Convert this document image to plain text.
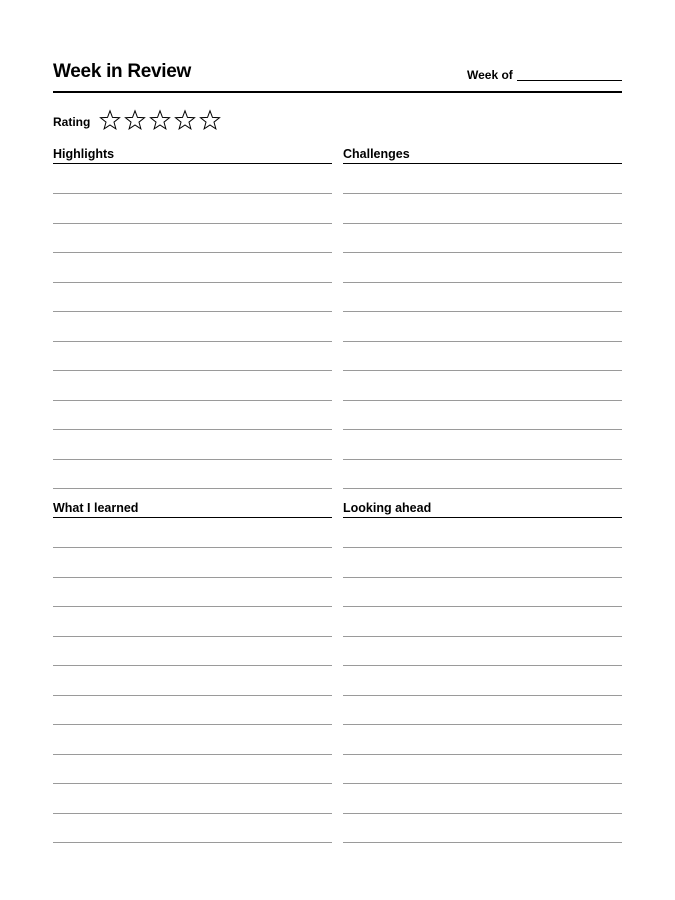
Week in Review	Week of
Rating
Highlights	Challenges
What I learned	Looking ahead
